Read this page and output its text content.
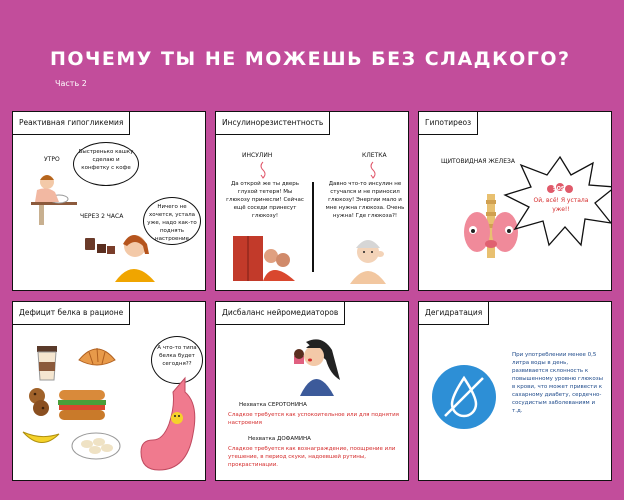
ПОЧЕМУ ТЫ НЕ МОЖЕШЬ БЕЗ СЛАДКОГО?
Часть 2
Реактивная гипогликемия
УТРО
Быстренько кашку сделаю и конфетку с кофе
ЧЕРЕЗ 2 ЧАСА
Ничего не хочется, устала уже, надо как-то поднять настроение
Инсулинорезистентность
ИНСУЛИН
Да открой же ты дверь глухой тетеря! Мы глюкозу принесли! Сейчас ещё соседи принесут глюкозу!
КЛЕТКА
Давно что-то инсулин не стучался и не приносил глюкозу! Энергии мало и мне нужна глюкоза. Очень нужна! Где глюкоза?!
Гипотиреоз
ЩИТОВИДНАЯ ЖЕЛЕЗА
SOS
Ой, всё! Я устала уже!!
Дефицит белка в рационе
А что-то типа белка будет сегодня??
Дисбаланс нейромедиаторов
Нехватка СЕРОТОНИНА
Сладкое требуется как успокоительное или для поднятия настроения
Нехватка ДОФАМИНА
Сладкое требуется как вознаграждение, поощрение или утешение, в период скуки, надоевшей рутины, прокрастинации.
Дегидратация
При употреблении менее 0,5 литра воды в день, развивается склонность к повышенному уровню глюкозы в крови, что может привести к сахарному диабету, сердечно-сосудистым заболеваниям и т.д.
